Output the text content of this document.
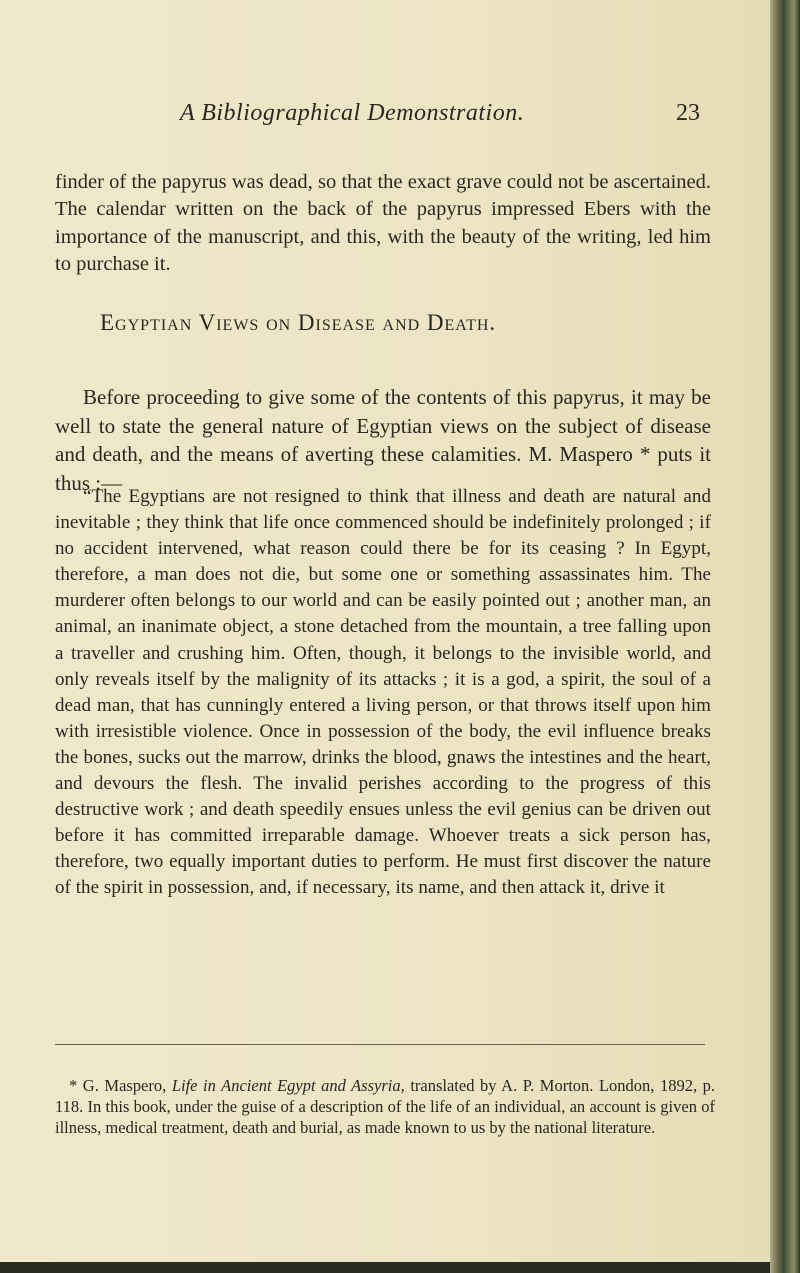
A Bibliographical Demonstration.	23

finder of the papyrus was dead, so that the exact grave could not be ascertained. The calendar written on the back of the papyrus impressed Ebers with the importance of the manuscript, and this, with the beauty of the writing, led him to purchase it.

Egyptian Views on Disease and Death.

Before proceeding to give some of the contents of this papyrus, it may be well to state the general nature of Egyptian views on the subject of disease and death, and the means of averting these calamities. M. Maspero * puts it thus :—

“The Egyptians are not resigned to think that illness and death are natural and inevitable ; they think that life once commenced should be indefinitely prolonged ; if no accident intervened, what reason could there be for its ceasing ? In Egypt, therefore, a man does not die, but some one or something assassinates him. The murderer often belongs to our world and can be easily pointed out ; another man, an animal, an inanimate object, a stone detached from the mountain, a tree falling upon a traveller and crushing him. Often, though, it belongs to the invisible world, and only reveals itself by the malignity of its attacks ; it is a god, a spirit, the soul of a dead man, that has cunningly entered a living person, or that throws itself upon him with irresistible violence. Once in possession of the body, the evil influence breaks the bones, sucks out the marrow, drinks the blood, gnaws the intestines and the heart, and devours the flesh. The invalid perishes according to the progress of this destructive work ; and death speedily ensues unless the evil genius can be driven out before it has committed irreparable damage. Whoever treats a sick person has, therefore, two equally important duties to perform. He must first discover the nature of the spirit in possession, and, if necessary, its name, and then attack it, drive it

* G. Maspero, Life in Ancient Egypt and Assyria, translated by A. P. Morton. London, 1892, p. 118. In this book, under the guise of a description of the life of an individual, an account is given of illness, medical treatment, death and burial, as made known to us by the national literature.
